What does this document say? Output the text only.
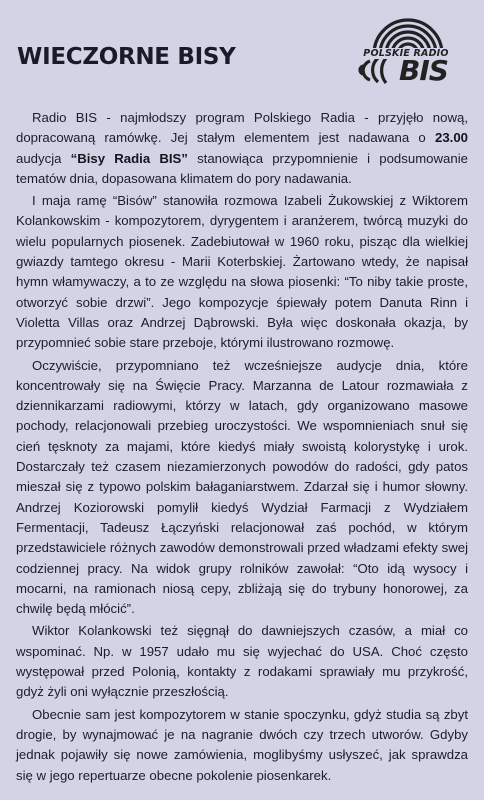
WIECZORNE BISY	POLSKIE RADIO
BIS

Radio BIS - najmłodszy program Polskiego Radia - przyjęło nową, dopracowaną ramówkę. Jej stałym elementem jest nadawana o 23.00 audycja “Bisy Radia BIS” stanowiąca przypomnienie i podsumowanie tematów dnia, dopasowana klimatem do pory nadawania.

I maja ramę “Bisów” stanowiła rozmowa Izabeli Żukowskiej z Wiktorem Kolankowskim - kompozytorem, dyrygentem i aranżerem, twórcą muzyki do wielu popularnych piosenek. Zadebiutował w 1960 roku, pisząc dla wielkiej gwiazdy tamtego okresu - Marii Koterbskiej. Żartowano wtedy, że napisał hymn włamywaczy, a to ze względu na słowa piosenki: “To niby takie proste, otworzyć sobie drzwi”. Jego kompozycje śpiewały potem Danuta Rinn i Violetta Villas oraz Andrzej Dąbrowski. Była więc doskonała okazja, by przypomnieć sobie stare przeboje, którymi ilustrowano rozmowę.

Oczywiście, przypomniano też wcześniejsze audycje dnia, które koncentrowały się na Święcie Pracy. Marzanna de Latour rozmawiała z dziennikarzami radiowymi, którzy w latach, gdy organizowano masowe pochody, relacjonowali przebieg uroczystości. We wspomnieniach snuł się cień tęsknoty za majami, które kiedyś miały swoistą kolorystykę i urok. Dostarczały też czasem niezamierzonych powodów do radości, gdy patos mieszał się z typowo polskim bałaganiarstwem. Zdarzał się i humor słowny. Andrzej Koziorowski pomylił kiedyś Wydział Farmacji z Wydziałem Fermentacji, Tadeusz Łączyński relacjonował zaś pochód, w którym przedstawiciele różnych zawodów demonstrowali przed władzami efekty swej codziennej pracy. Na widok grupy rolników zawołał: “Oto idą wysocy i mocarni, na ramionach niosą cepy, zbliżają się do trybuny honorowej, za chwilę będą młócić”.

Wiktor Kolankowski też sięgnął do dawniejszych czasów, a miał co wspominać. Np. w 1957 udało mu się wyjechać do USA. Choć często występował przed Polonią, kontakty z rodakami sprawiały mu przykrość, gdyż żyli oni wyłącznie przeszłością.

Obecnie sam jest kompozytorem w stanie spoczynku, gdyż studia są zbyt drogie, by wynajmować je na nagranie dwóch czy trzech utworów. Gdyby jednak pojawiły się nowe zamówienia, moglibyśmy usłyszeć, jak sprawdza się w jego repertuarze obecne pokolenie piosenkarek.
